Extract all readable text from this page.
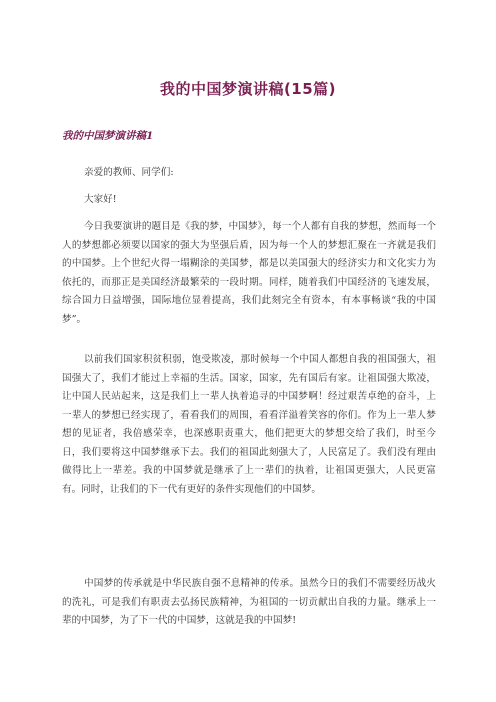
我的中国梦演讲稿(15篇)
我的中国梦演讲稿1

亲爱的教师、同学们:

大家好!

今日我要演讲的题目是《我的梦，中国梦》，每一个人都有自我的梦想，然而每一个人的梦想都必须要以国家的强大为坚强后盾，因为每一个人的梦想汇聚在一齐就是我们的中国梦。上个世纪火得一塌糊涂的美国梦，都是以美国强大的经济实力和文化实力为依托的，而那正是美国经济最繁荣的一段时期。同样，随着我们中国经济的飞速发展，综合国力日益增强，国际地位显着提高，我们此刻完全有资本，有本事畅谈“我的中国梦”。

以前我们国家积贫积弱，饱受欺凌，那时候每一个中国人都想自我的祖国强大，祖国强大了，我们才能过上幸福的生活。国家，国家，先有国后有家。让祖国强大欺凌，让中国人民站起来，这是我们上一辈人执着追寻的中国梦啊！经过艰苦卓绝的奋斗，上一辈人的梦想已经实现了，看看我们的周围，看看洋溢着笑容的你们。作为上一辈人梦想的见证者，我倍感荣幸，也深感职责重大，他们把更大的梦想交给了我们，时至今日，我们要将这中国梦继承下去。我们的祖国此刻强大了，人民富足了。我们没有理由做得比上一辈差。我的中国梦就是继承了上一辈们的执着，让祖国更强大，人民更富有。同时，让我们的下一代有更好的条件实现他们的中国梦。

中国梦的传承就是中华民族自强不息精神的传承。虽然今日的我们不需要经历战火的洗礼，可是我们有职责去弘扬民族精神，为祖国的一切贡献出自我的力量。继承上一辈的中国梦，为了下一代的中国梦，这就是我的中国梦!
